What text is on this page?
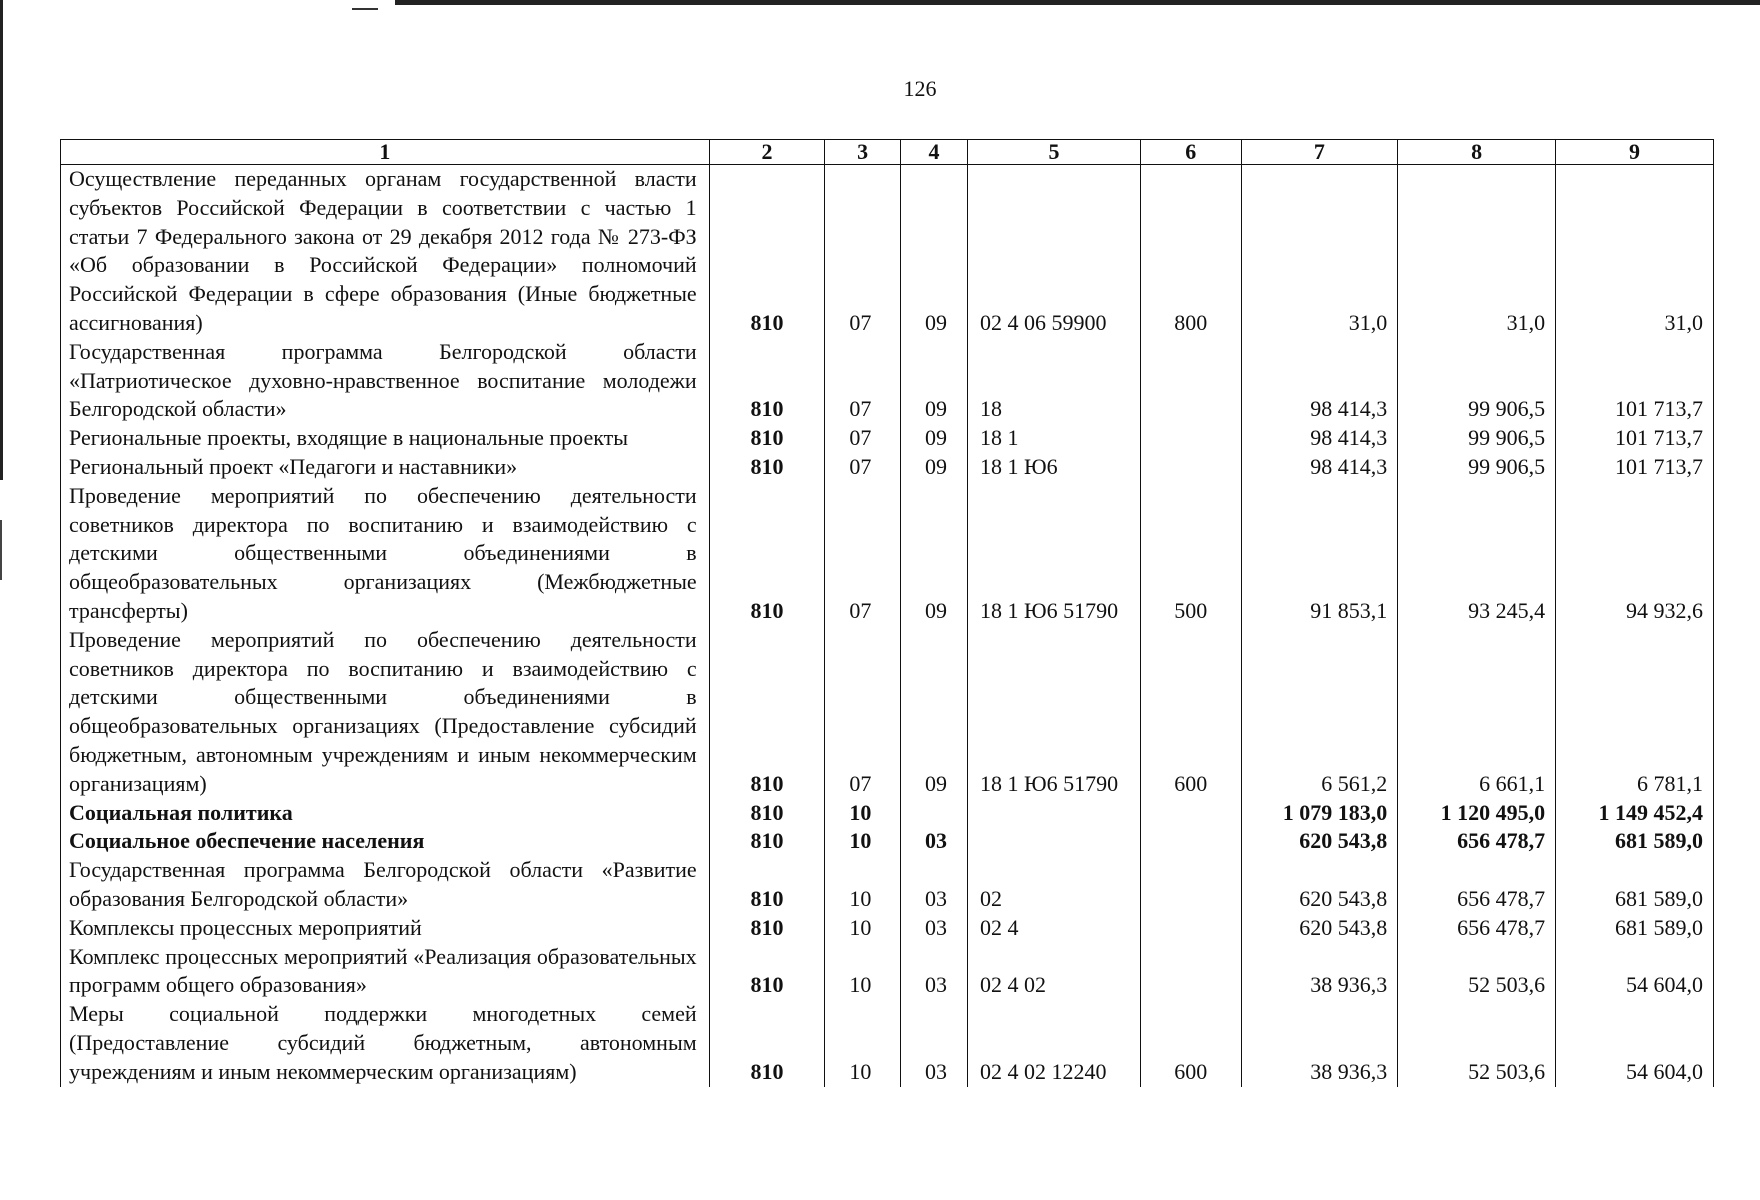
126
1	2	3	4	5	6	7	8	9
Осуществление переданных органам государственной власти субъектов Российской Федерации в соответствии с частью 1 статьи 7 Федерального закона от 29 декабря 2012 года № 273-ФЗ «Об образовании в Российской Федерации» полномочий Российской Федерации в сфере образования (Иные бюджетные ассигнования)	810	07	09	02 4 06 59900	800	31,0	31,0	31,0
Государственная программа Белгородской области «Патриотическое духовно-нравственное воспитание молодежи Белгородской области»	810	07	09	18		98 414,3	99 906,5	101 713,7
Региональные проекты, входящие в национальные проекты	810	07	09	18 1		98 414,3	99 906,5	101 713,7
Региональный проект «Педагоги и наставники»	810	07	09	18 1 Ю6		98 414,3	99 906,5	101 713,7
Проведение мероприятий по обеспечению деятельности советников директора по воспитанию и взаимодействию с детскими общественными объединениями в общеобразовательных организациях (Межбюджетные трансферты)	810	07	09	18 1 Ю6 51790	500	91 853,1	93 245,4	94 932,6
Проведение мероприятий по обеспечению деятельности советников директора по воспитанию и взаимодействию с детскими общественными объединениями в общеобразовательных организациях (Предоставление субсидий бюджетным, автономным учреждениям и иным некоммерческим организациям)	810	07	09	18 1 Ю6 51790	600	6 561,2	6 661,1	6 781,1
Социальная политика	810	10				1 079 183,0	1 120 495,0	1 149 452,4
Социальное обеспечение населения	810	10	03			620 543,8	656 478,7	681 589,0
Государственная программа Белгородской области «Развитие образования Белгородской области»	810	10	03	02		620 543,8	656 478,7	681 589,0
Комплексы процессных мероприятий	810	10	03	02 4		620 543,8	656 478,7	681 589,0
Комплекс процессных мероприятий «Реализация образовательных программ общего образования»	810	10	03	02 4 02		38 936,3	52 503,6	54 604,0
Меры социальной поддержки многодетных семей (Предоставление субсидий бюджетным, автономным учреждениям и иным некоммерческим организациям)	810	10	03	02 4 02 12240	600	38 936,3	52 503,6	54 604,0
